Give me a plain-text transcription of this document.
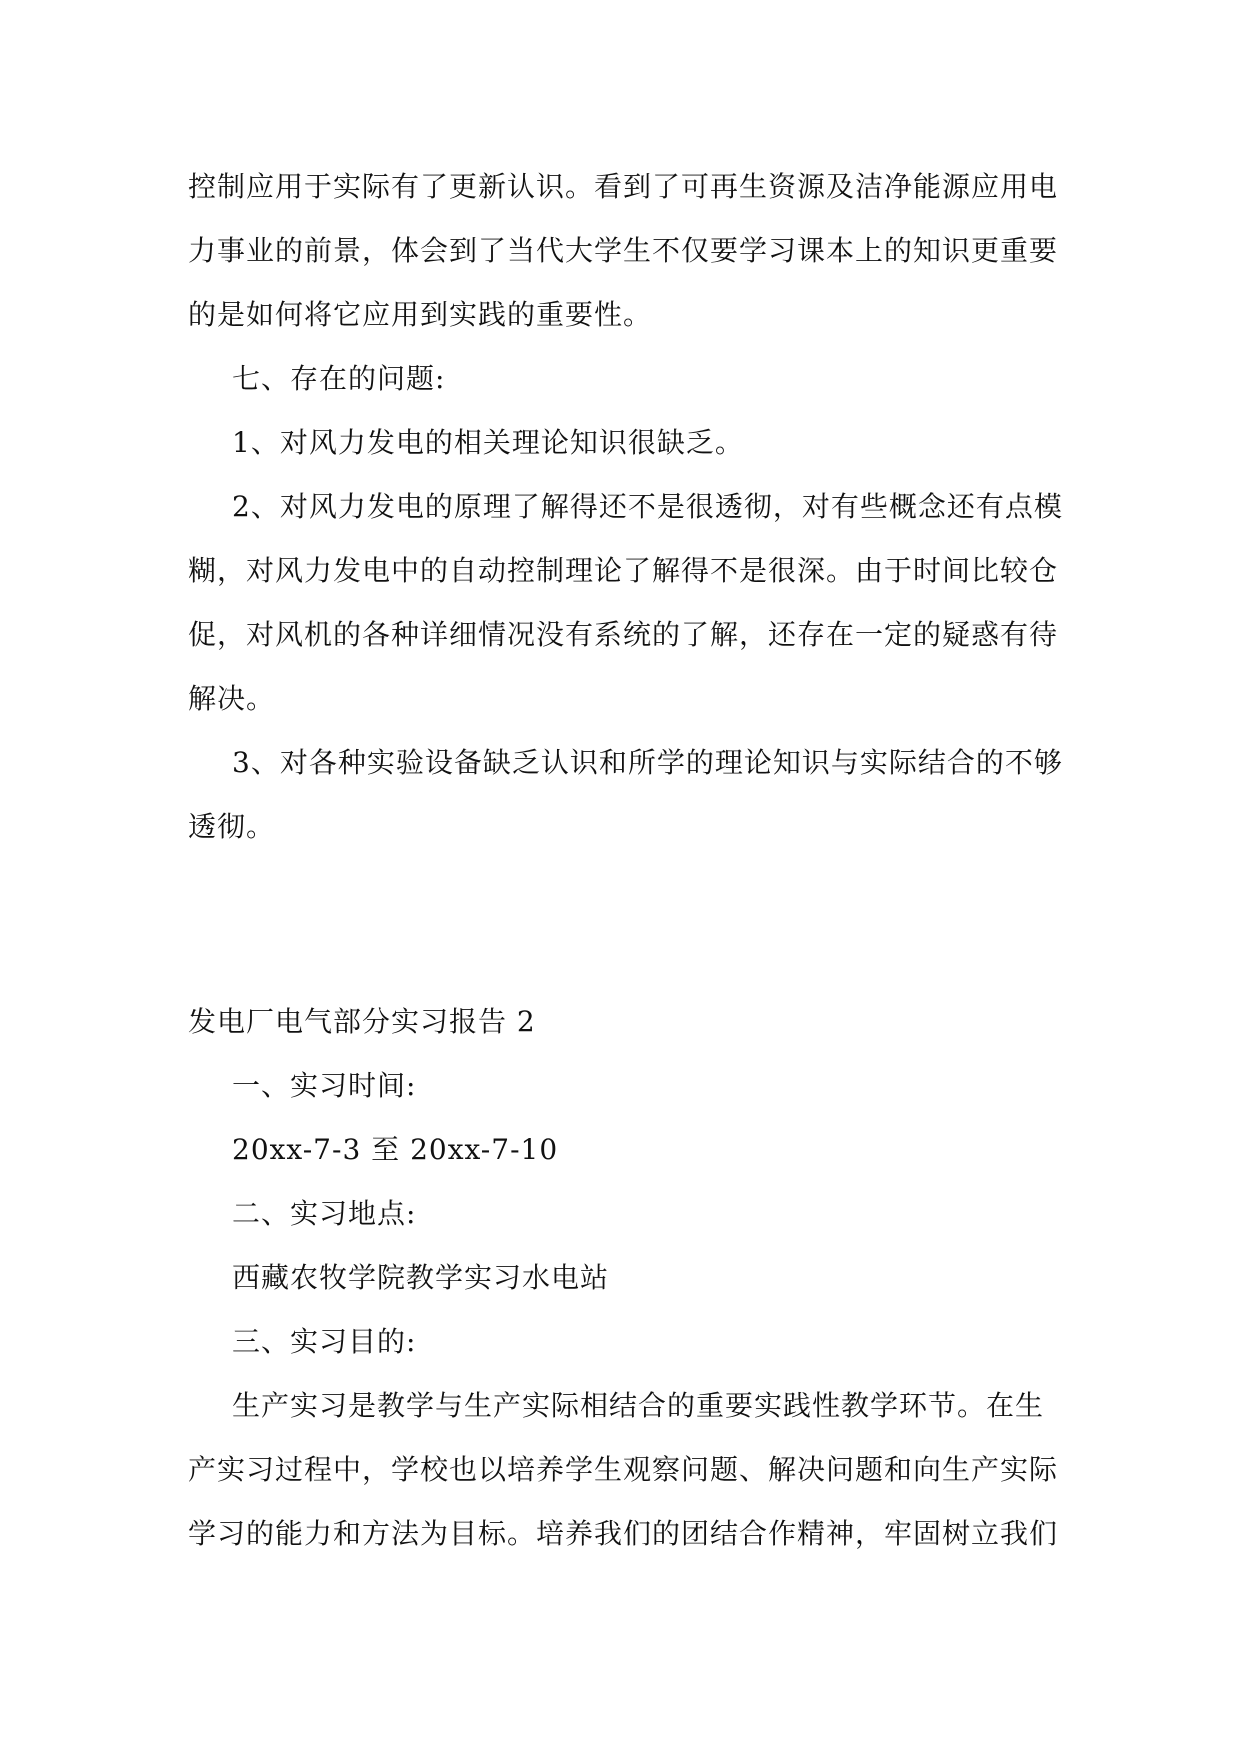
控制应用于实际有了更新认识。看到了可再生资源及洁净能源应用电
力事业的前景，体会到了当代大学生不仅要学习课本上的知识更重要
的是如何将它应用到实践的重要性。
七、存在的问题:
1、对风力发电的相关理论知识很缺乏。
2、对风力发电的原理了解得还不是很透彻，对有些概念还有点模
糊，对风力发电中的自动控制理论了解得不是很深。由于时间比较仓
促，对风机的各种详细情况没有系统的了解，还存在一定的疑惑有待
解决。
3、对各种实验设备缺乏认识和所学的理论知识与实际结合的不够
透彻。
发电厂电气部分实习报告 2
一、实习时间:
20xx-7-3 至 20xx-7-10
二、实习地点:
西藏农牧学院教学实习水电站
三、实习目的:
生产实习是教学与生产实际相结合的重要实践性教学环节。在生
产实习过程中，学校也以培养学生观察问题、解决问题和向生产实际
学习的能力和方法为目标。培养我们的团结合作精神，牢固树立我们
